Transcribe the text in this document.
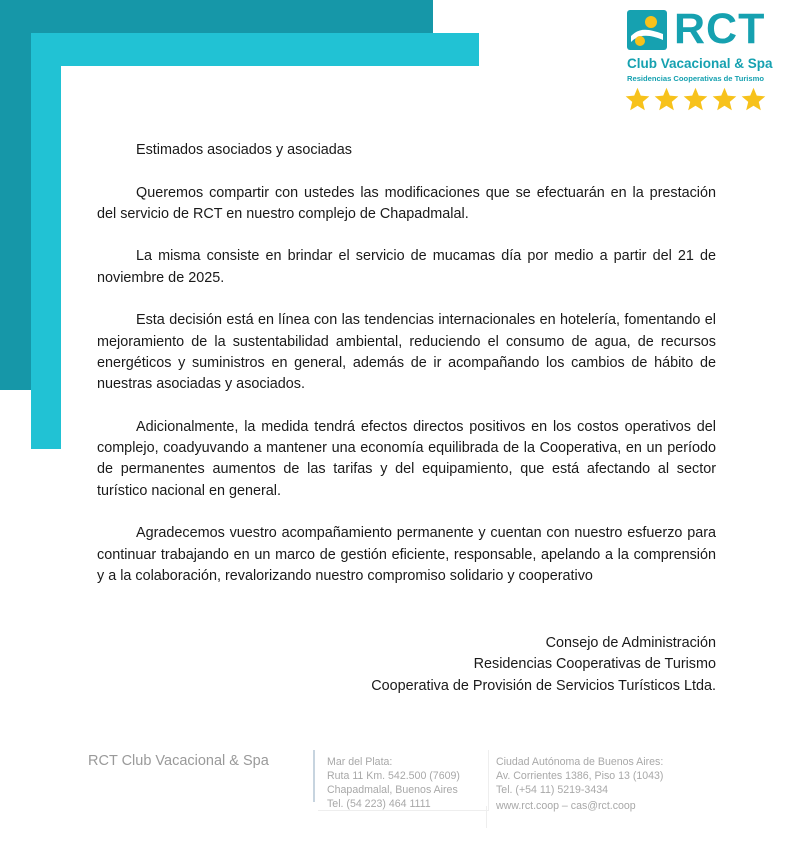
RCT
Club Vacacional & Spa
Residencias Cooperativas de Turismo

Estimados asociados y asociadas

Queremos compartir con ustedes las modificaciones que se efectuarán en la prestación del servicio de RCT en nuestro complejo de Chapadmalal.

La misma consiste en brindar el servicio de mucamas día por medio a partir del 21 de noviembre de 2025.

Esta decisión está en línea con las tendencias internacionales en hotelería, fomentando el mejoramiento de la sustentabilidad ambiental, reduciendo el consumo de agua, de recursos energéticos y suministros en general, además de ir acompañando los cambios de hábito de nuestras asociadas y asociados.

Adicionalmente, la medida tendrá efectos directos positivos en los costos operativos del complejo, coadyuvando a mantener una economía equilibrada de la Cooperativa, en un período de permanentes aumentos de las tarifas y del equipamiento, que está afectando al sector turístico nacional en general.

Agradecemos vuestro acompañamiento permanente y cuentan con nuestro esfuerzo para continuar trabajando en un marco de gestión eficiente, responsable, apelando a la comprensión y a la colaboración, revalorizando nuestro compromiso solidario y cooperativo

Consejo de Administración
Residencias Cooperativas de Turismo
Cooperativa de Provisión de Servicios Turísticos Ltda.
RCT Club Vacacional & Spa	Mar del Plata:
Ruta 11 Km. 542.500 (7609)
Chapadmalal, Buenos Aires
Tel. (54 223) 464 1111
Ciudad Autónoma de Buenos Aires:
Av. Corrientes 1386, Piso 13 (1043)
Tel. (+54 11) 5219-3434
www.rct.coop – cas@rct.coop
